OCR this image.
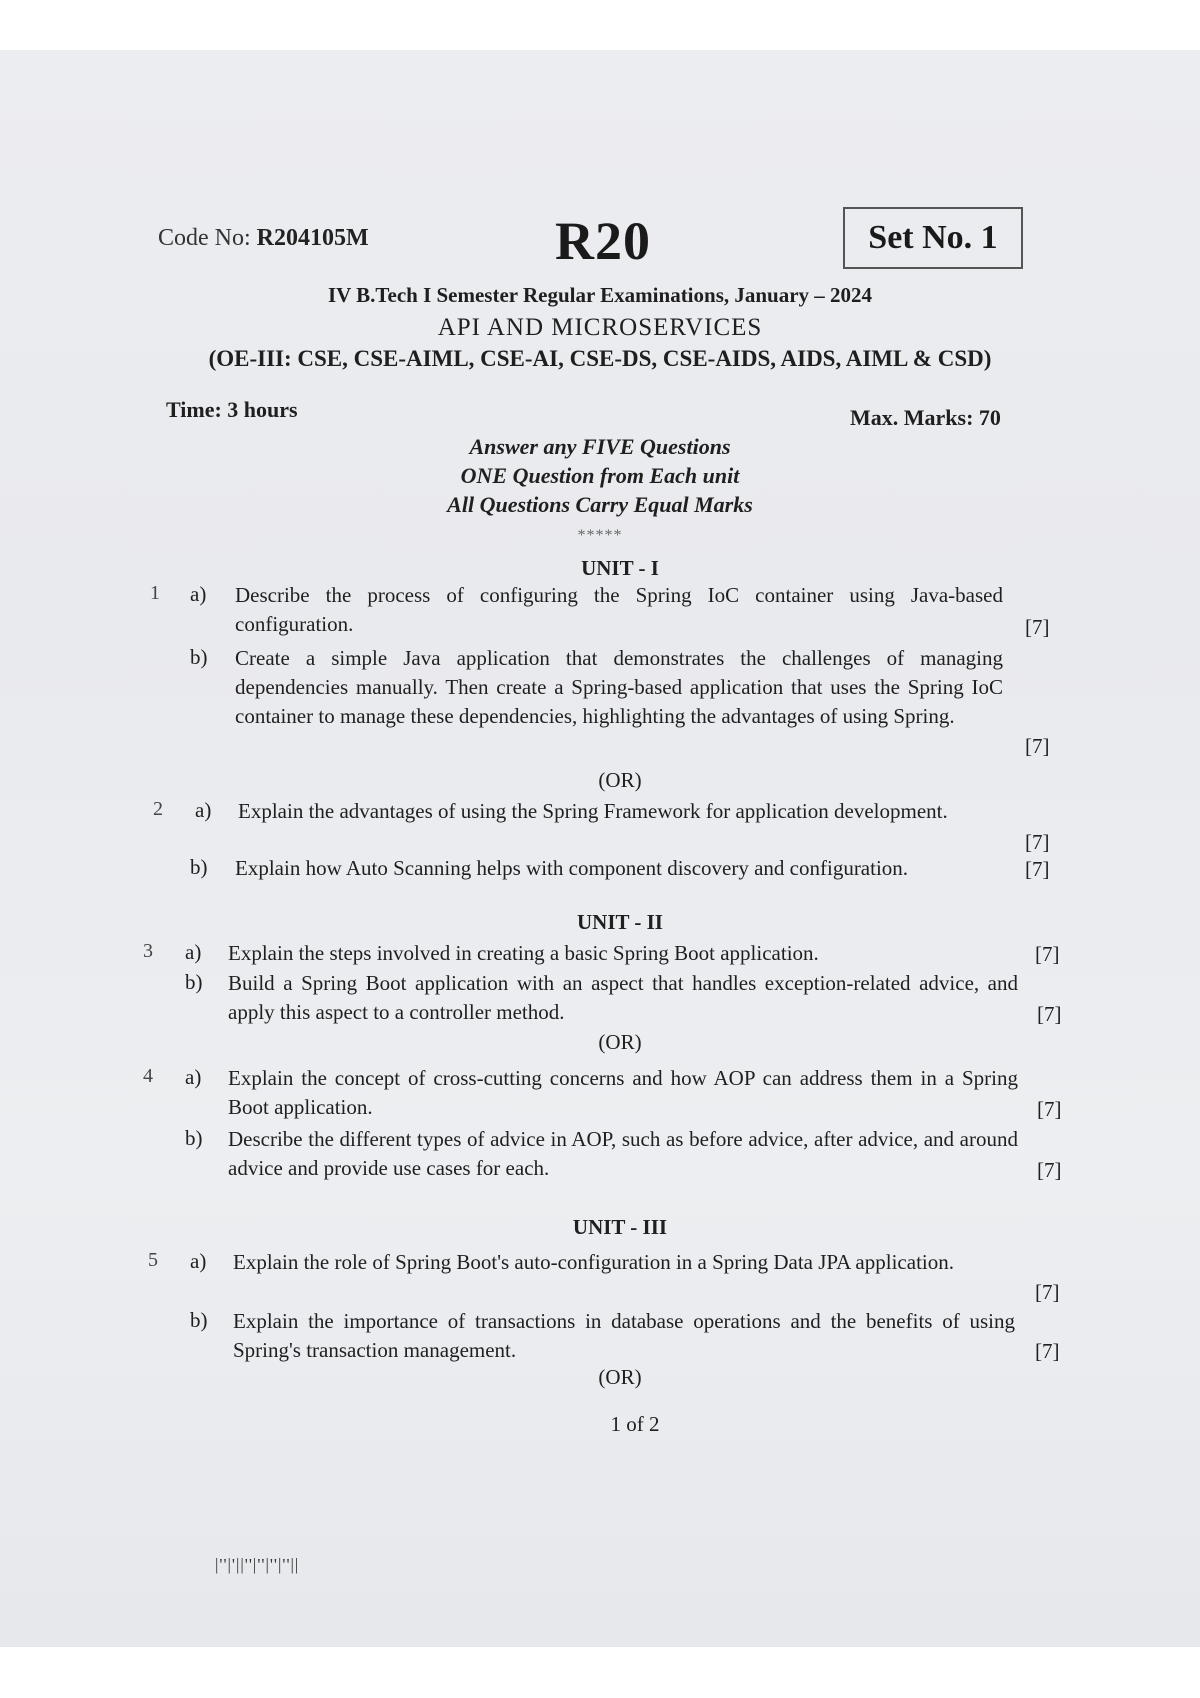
Code No: R204105M	R20	Set No. 1
IV B.Tech I Semester Regular Examinations, January – 2024
API AND MICROSERVICES
(OE-III: CSE, CSE-AIML, CSE-AI, CSE-DS, CSE-AIDS, AIDS, AIML & CSD)
Time: 3 hours	Max. Marks: 70
Answer any FIVE Questions
ONE Question from Each unit
All Questions Carry Equal Marks
*****
UNIT - I
1 a) Describe the process of configuring the Spring IoC container using Java-based configuration.	[7]
b) Create a simple Java application that demonstrates the challenges of managing dependencies manually. Then create a Spring-based application that uses the Spring IoC container to manage these dependencies, highlighting the advantages of using Spring.
[7]
(OR)
2 a) Explain the advantages of using the Spring Framework for application development.
[7]
b) Explain how Auto Scanning helps with component discovery and configuration.	[7]
UNIT - II
3 a) Explain the steps involved in creating a basic Spring Boot application.	[7]
b) Build a Spring Boot application with an aspect that handles exception-related advice, and apply this aspect to a controller method.	[7]
(OR)
4 a) Explain the concept of cross-cutting concerns and how AOP can address them in a Spring Boot application.	[7]
b) Describe the different types of advice in AOP, such as before advice, after advice, and around advice and provide use cases for each.	[7]
UNIT - III
5 a) Explain the role of Spring Boot's auto-configuration in a Spring Data JPA application.
[7]
b) Explain the importance of transactions in database operations and the benefits of using Spring's transaction management.	[7]
(OR)
1 of 2
|''|'||''|''|''|''||
